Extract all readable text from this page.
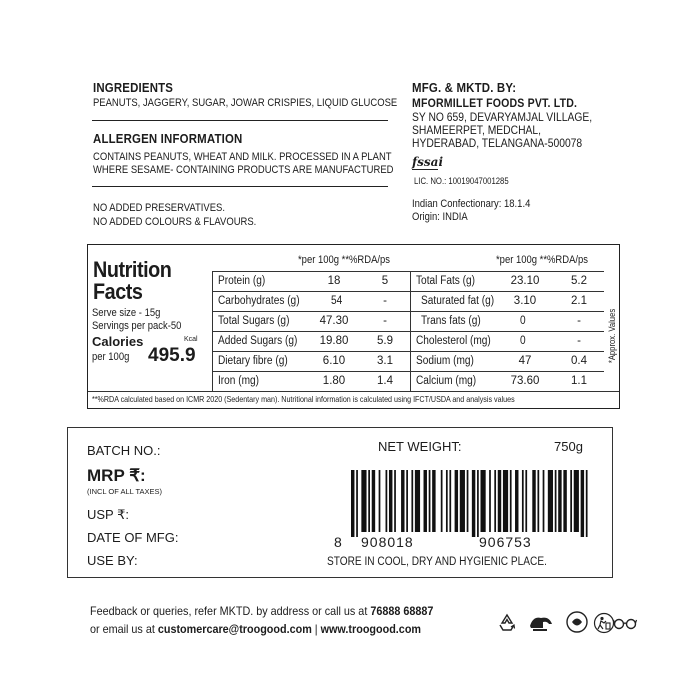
INGREDIENTS
PEANUTS, JAGGERY, SUGAR, JOWAR CRISPIES, LIQUID GLUCOSE
ALLERGEN INFORMATION
CONTAINS PEANUTS, WHEAT AND MILK. PROCESSED IN A PLANT
WHERE SESAME- CONTAINING PRODUCTS ARE MANUFACTURED
NO ADDED PRESERVATIVES.
NO ADDED COLOURS & FLAVOURS.
MFG. & MKTD. BY:
MFORMILLET FOODS PVT. LTD.
SY NO 659, DEVARYAMJAL VILLAGE,
SHAMEERPET, MEDCHAL,
HYDERABAD, TELANGANA-500078
fssai
LIC. NO.: 10019047001285
Indian Confectionary: 18.1.4
Origin: INDIA
Nutrition
Facts
Serve size - 15g
Servings per pack-50
Calories	Kcal
per 100g 495.9
*per 100g **%RDA/ps	*per 100g **%RDA/ps
Protein (g)	18	5
Carbohydrates (g)	54	-
Total Sugars (g)	47.30	-
Added Sugars (g)	19.80	5.9
Dietary fibre (g)	6.10	3.1
Iron (mg)	1.80	1.4
Total Fats (g)	23.10	5.2
Saturated fat (g)	3.10	2.1
Trans fats (g)	0	-
Cholesterol (mg)	0	-
Sodium (mg)	47	0.4
Calcium (mg)	73.60	1.1
*Approx. Values
**%RDA calculated based on ICMR 2020 (Sedentary man). Nutritional information is calculated using IFCT/USDA and analysis values
BATCH NO.:
MRP ₹:
(INCL OF ALL TAXES)
USP ₹:
DATE OF MFG:
USE BY:
NET WEIGHT:	750g
8 908018	906753
STORE IN COOL, DRY AND HYGIENIC PLACE.
Feedback or queries, refer MKTD. by address or call us at 76888 68887
or email us at customercare@troogood.com | www.troogood.com
